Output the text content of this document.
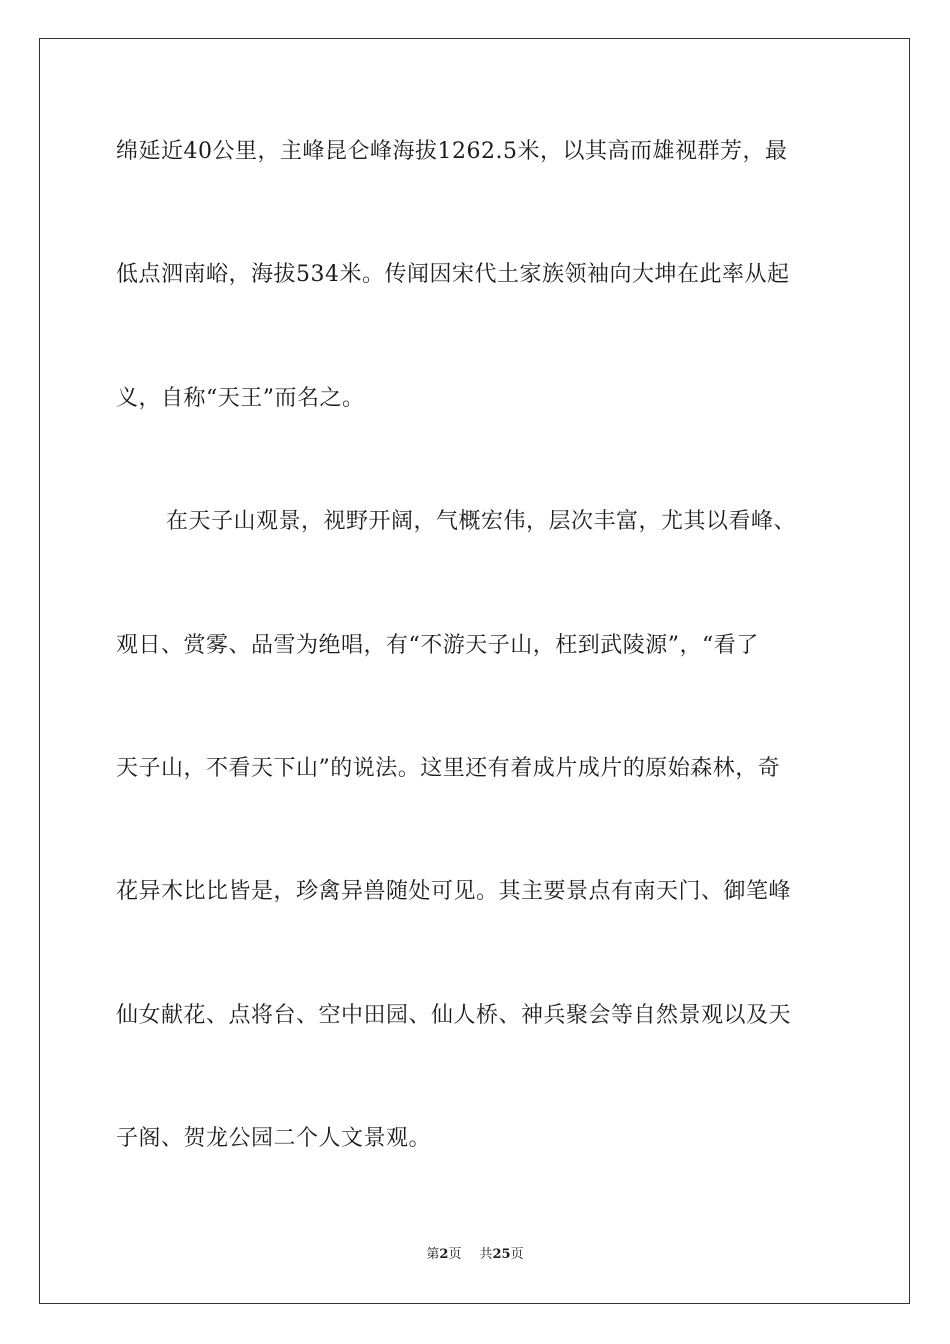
绵延近40公里，主峰昆仑峰海拔1262.5米，以其高而雄视群芳，最
低点泗南峪，海拔534米。传闻因宋代土家族领袖向大坤在此率从起
义，自称“天王”而名之。
在天子山观景，视野开阔，气概宏伟，层次丰富，尤其以看峰、
观日、赏雾、品雪为绝唱，有“不游天子山，枉到武陵源”，“看了
天子山，不看天下山”的说法。这里还有着成片成片的原始森林，奇
花异木比比皆是，珍禽异兽随处可见。其主要景点有南天门、御笔峰
仙女献花、点将台、空中田园、仙人桥、神兵聚会等自然景观以及天
子阁、贺龙公园二个人文景观。
第2页 共25页
